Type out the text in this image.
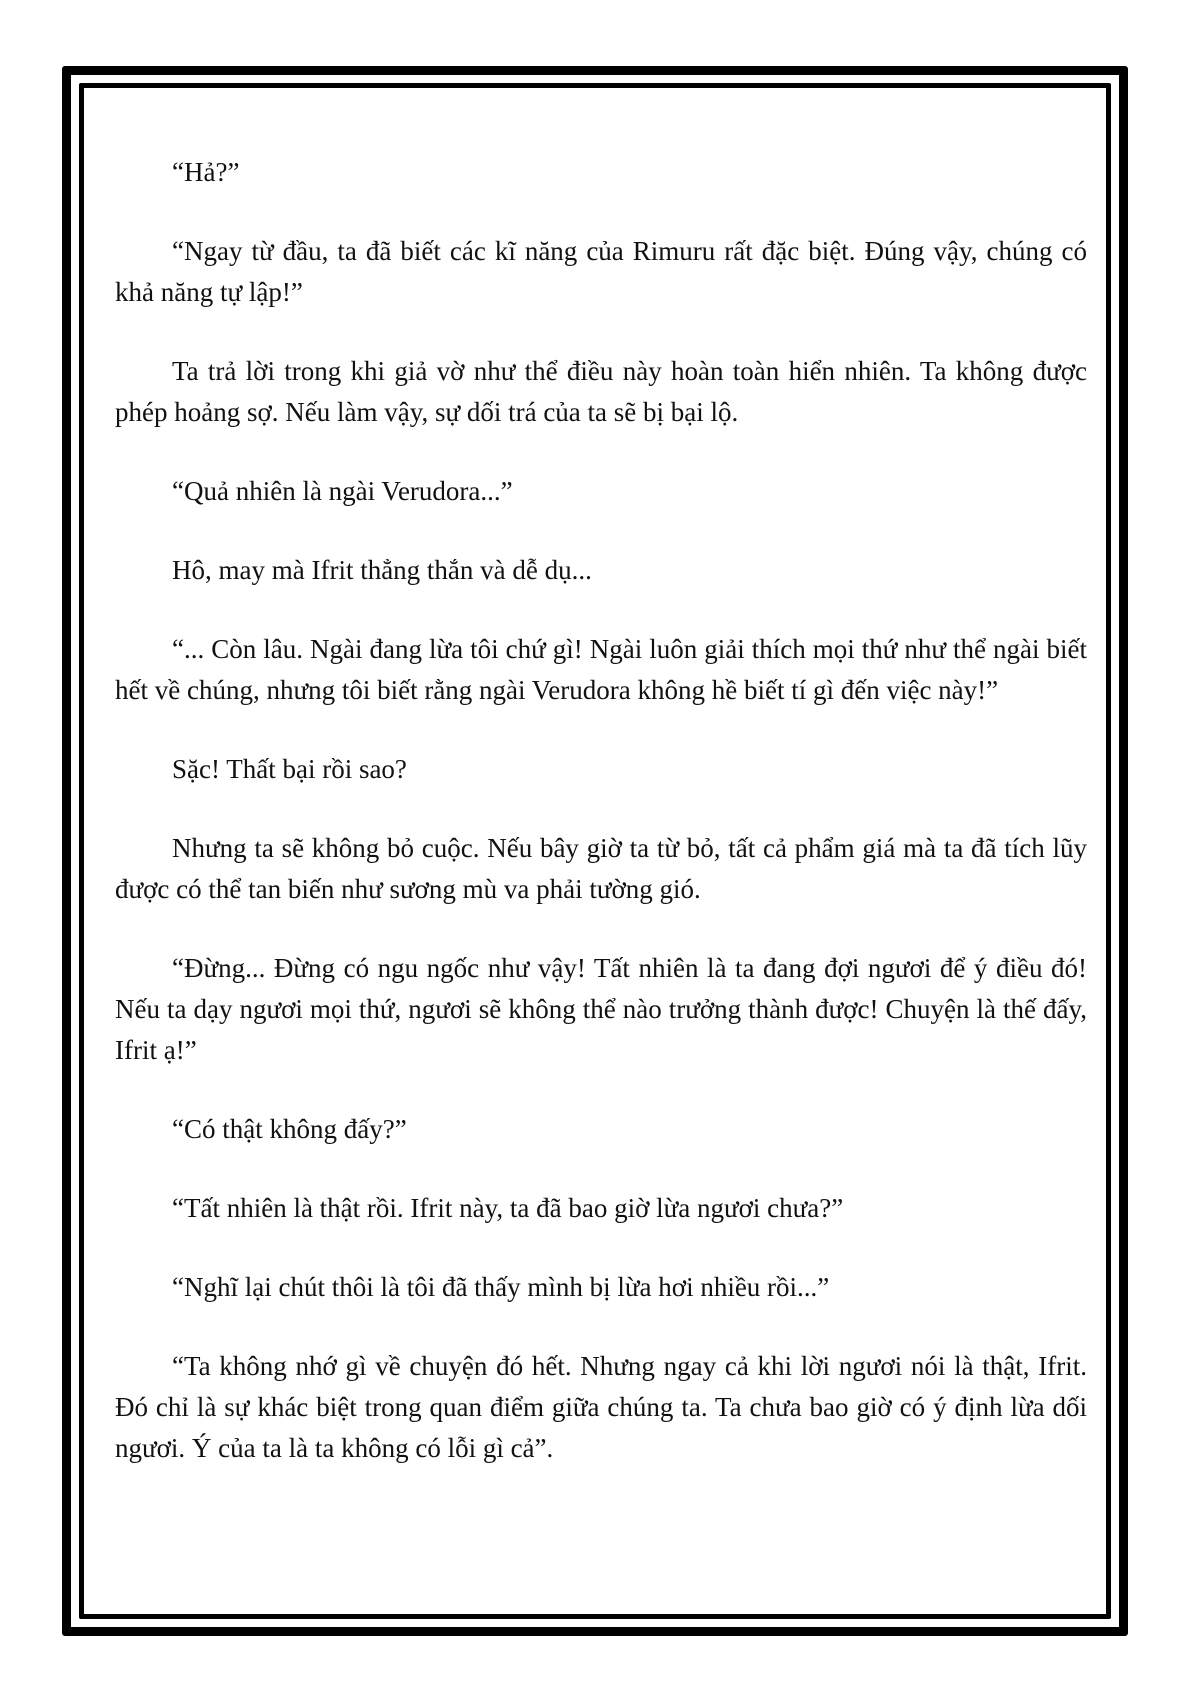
“Hả?”

“Ngay từ đầu, ta đã biết các kĩ năng của Rimuru rất đặc biệt. Đúng vậy, chúng có khả năng tự lập!”

Ta trả lời trong khi giả vờ như thể điều này hoàn toàn hiển nhiên. Ta không được phép hoảng sợ. Nếu làm vậy, sự dối trá của ta sẽ bị bại lộ.

“Quả nhiên là ngài Verudora...”

Hô, may mà Ifrit thẳng thắn và dễ dụ...

“... Còn lâu. Ngài đang lừa tôi chứ gì! Ngài luôn giải thích mọi thứ như thể ngài biết hết về chúng, nhưng tôi biết rằng ngài Verudora không hề biết tí gì đến việc này!”

Sặc! Thất bại rồi sao?

Nhưng ta sẽ không bỏ cuộc. Nếu bây giờ ta từ bỏ, tất cả phẩm giá mà ta đã tích lũy được có thể tan biến như sương mù va phải tường gió.

“Đừng... Đừng có ngu ngốc như vậy! Tất nhiên là ta đang đợi ngươi để ý điều đó! Nếu ta dạy ngươi mọi thứ, ngươi sẽ không thể nào trưởng thành được! Chuyện là thế đấy, Ifrit ạ!”

“Có thật không đấy?”

“Tất nhiên là thật rồi. Ifrit này, ta đã bao giờ lừa ngươi chưa?”

“Nghĩ lại chút thôi là tôi đã thấy mình bị lừa hơi nhiều rồi...”

“Ta không nhớ gì về chuyện đó hết. Nhưng ngay cả khi lời ngươi nói là thật, Ifrit. Đó chỉ là sự khác biệt trong quan điểm giữa chúng ta. Ta chưa bao giờ có ý định lừa dối ngươi. Ý của ta là ta không có lỗi gì cả”.
